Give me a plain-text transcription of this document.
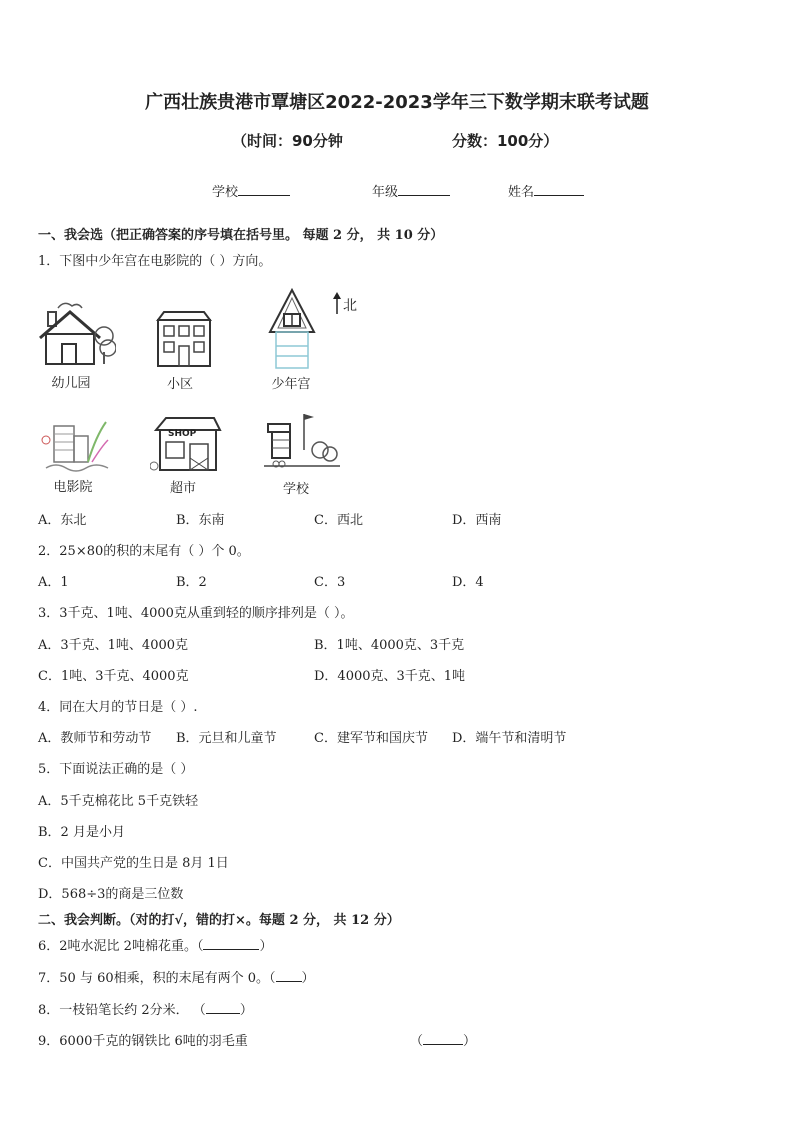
广西壮族贵港市覃塘区2022-2023学年三下数学期末联考试题
（时间：90分钟	分数：100分）
学校	年级	姓名
一、我会选（把正确答案的序号填在括号里。 每题 2 分， 共 10 分）
1．下图中少年宫在电影院的（ ）方向。
幼儿园	小区	少年宫
北
电影院
SHOP
超市	学校
A．东北	B．东南	C．西北	D．西南
2．25×80的积的末尾有（ ）个 0。
A．1	B．2	C．3	D．4
3．3千克、1吨、4000克从重到轻的顺序排列是（ ）。
A．3千克、1吨、4000克	B．1吨、4000克、3千克
C．1吨、3千克、4000克	D．4000克、3千克、1吨
4．同在大月的节日是（ ）.
A．教师节和劳动节 B．元旦和儿童节	C．建军节和国庆节 D．端午节和清明节
5．下面说法正确的是（ ）
A．5千克棉花比 5千克铁轻
B．2 月是小月
C．中国共产党的生日是 8月 1日
D．568÷3的商是三位数
二、我会判断。（对的打√，错的打×。每题 2 分， 共 12 分）
6．2吨水泥比 2吨棉花重。（	）
7．50 与 60相乘，积的末尾有两个 0。（ ）
8．一枝铅笔长约 2分米． （	）
9．6000千克的钢铁比 6吨的羽毛重	（	）
